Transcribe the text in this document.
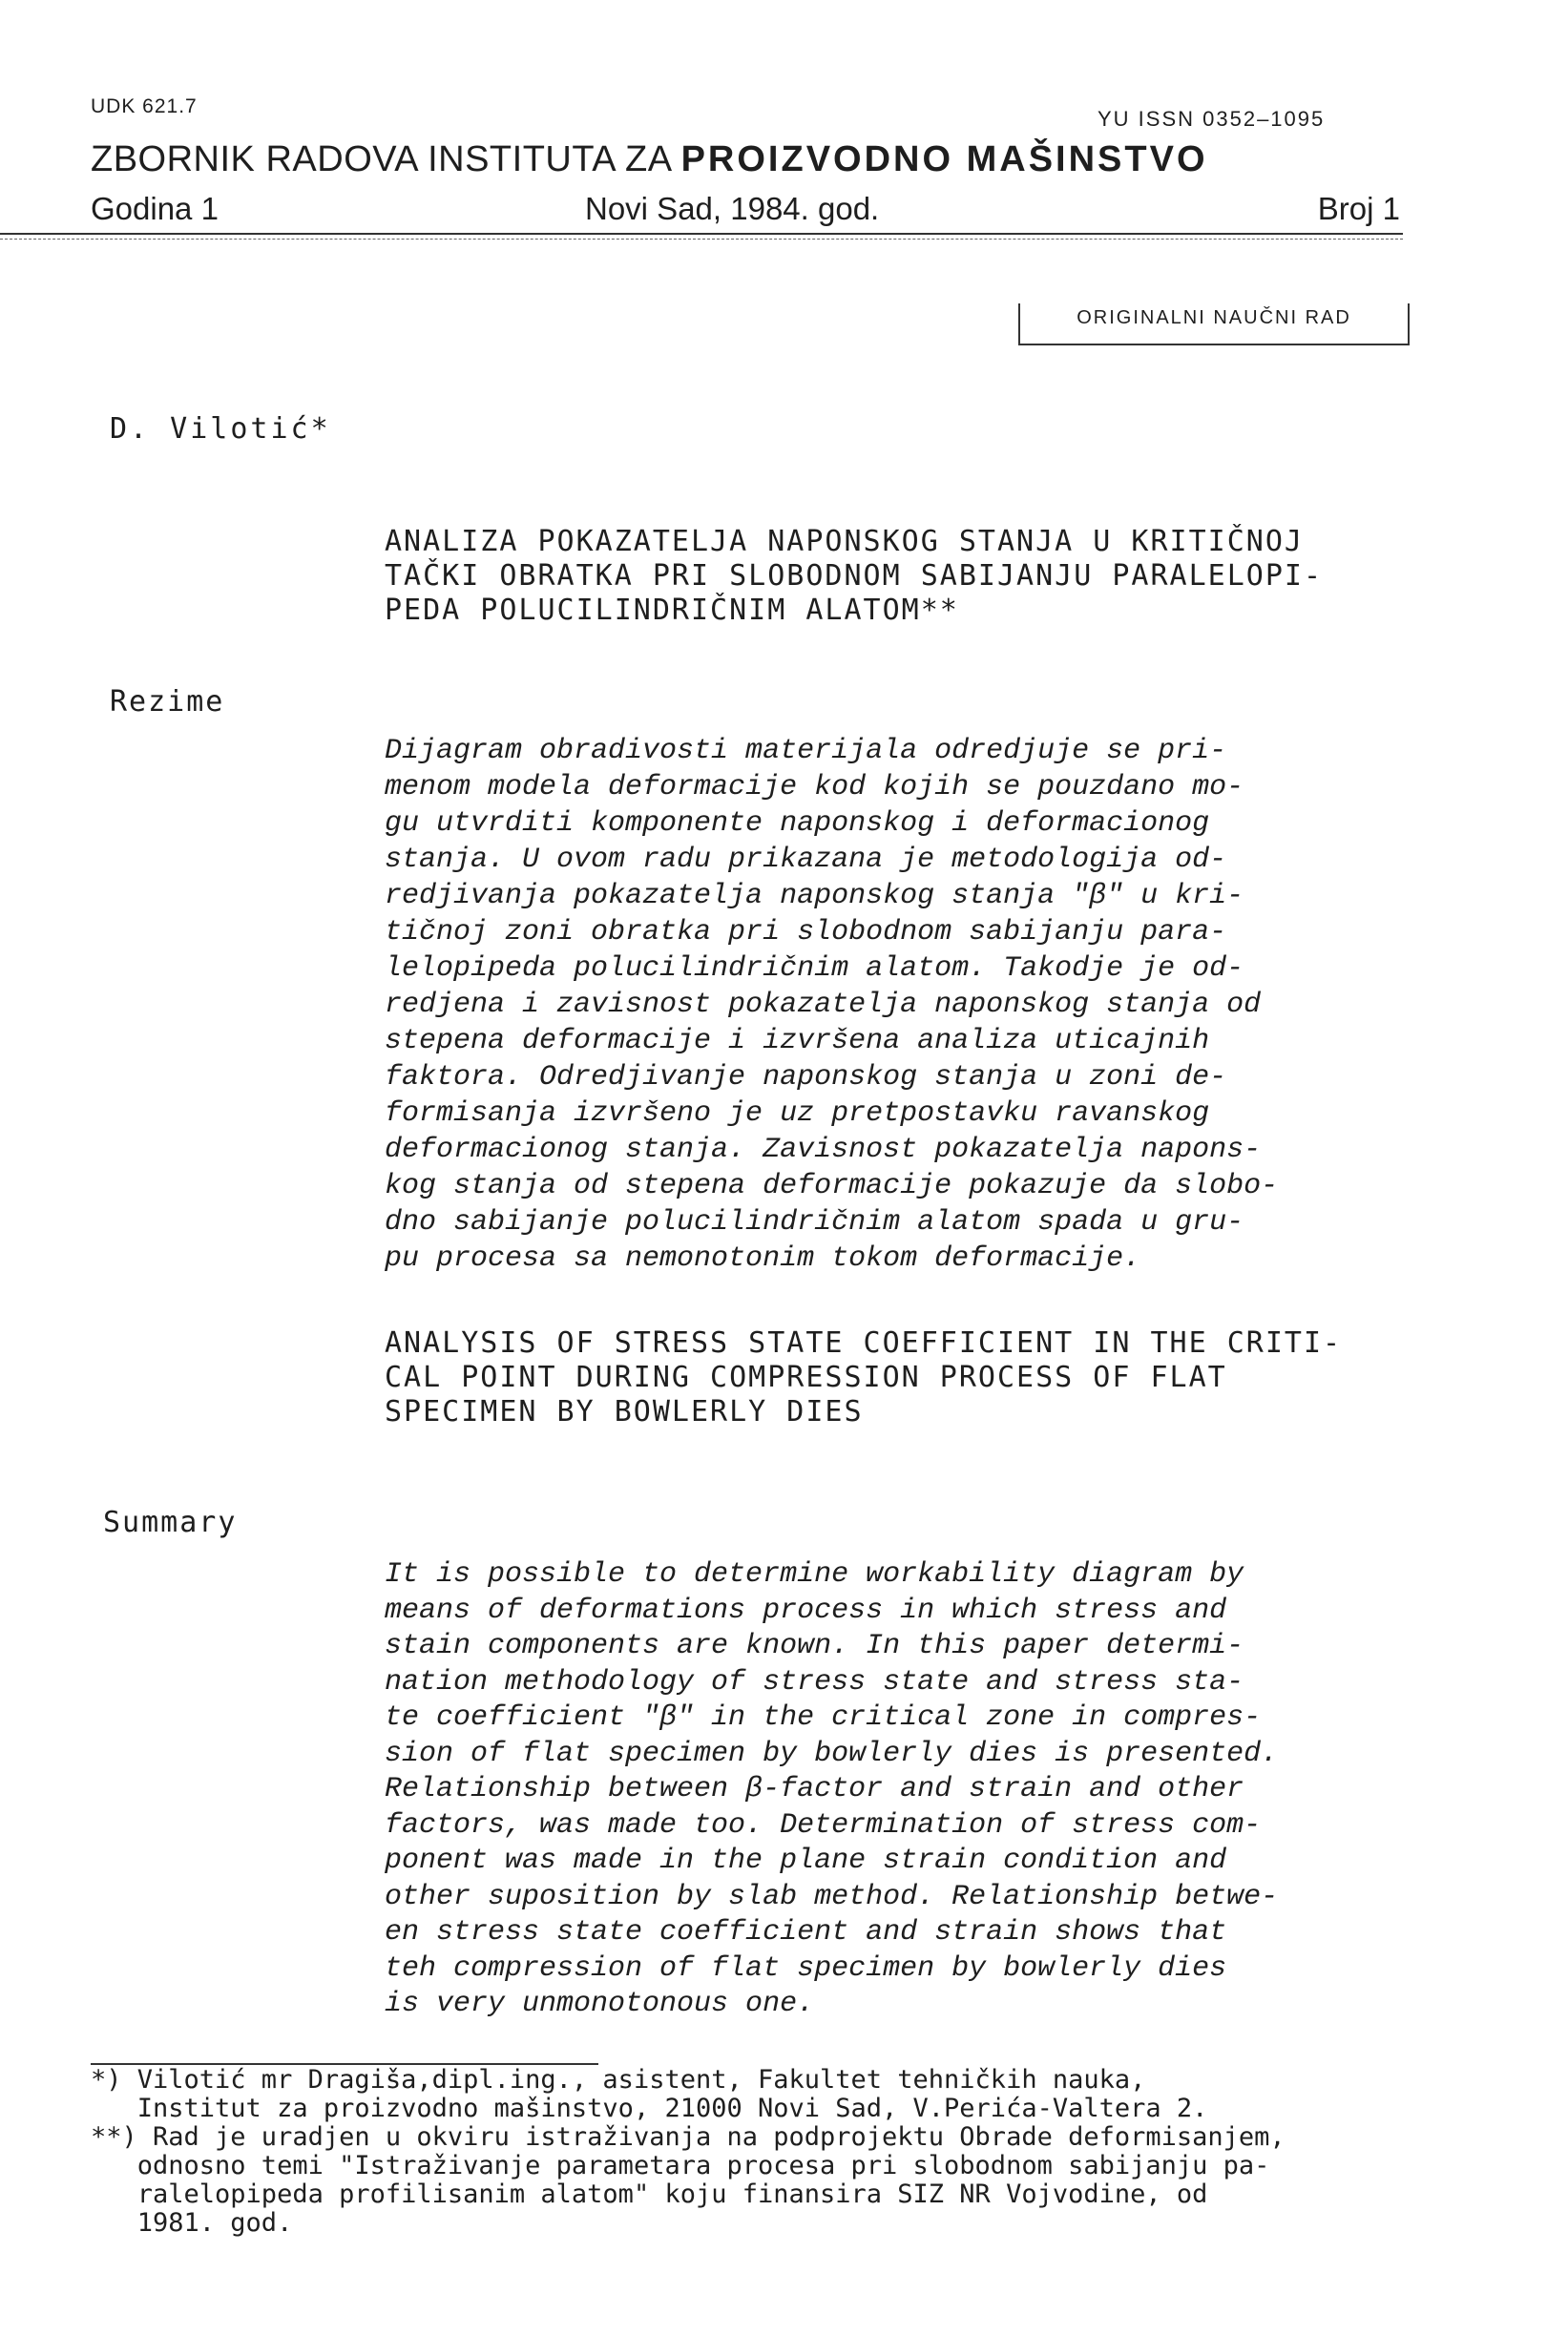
UDK 621.7
YU ISSN 0352–1095
ZBORNIK RADOVA INSTITUTA ZA PROIZVODNO MAŠINSTVO
Godina 1	Novi Sad, 1984. god.	Broj 1
ORIGINALNI NAUČNI RAD
D. Vilotić*
ANALIZA POKAZATELJA NAPONSKOG STANJA U KRITIČNOJ
TAČKI OBRATKA PRI SLOBODNOM SABIJANJU PARALELOPI-
PEDA POLUCILINDRIČNIM ALATOM**
Rezime
Dijagram obradivosti materijala odredjuje se pri-
menom modela deformacije kod kojih se pouzdano mo-
gu utvrditi komponente naponskog i deformacionog
stanja. U ovom radu prikazana je metodologija od-
redjivanja pokazatelja naponskog stanja "β" u kri-
tičnoj zoni obratka pri slobodnom sabijanju para-
lelopipeda polucilindričnim alatom. Takodje je od-
redjena i zavisnost pokazatelja naponskog stanja od
stepena deformacije i izvršena analiza uticajnih
faktora. Odredjivanje naponskog stanja u zoni de-
formisanja izvršeno je uz pretpostavku ravanskog
deformacionog stanja. Zavisnost pokazatelja napons-
kog stanja od stepena deformacije pokazuje da slobo-
dno sabijanje polucilindričnim alatom spada u gru-
pu procesa sa nemonotonim tokom deformacije.
ANALYSIS OF STRESS STATE COEFFICIENT IN THE CRITI-
CAL POINT DURING COMPRESSION PROCESS OF FLAT
SPECIMEN BY BOWLERLY DIES
Summary
It is possible to determine workability diagram by
means of deformations process in which stress and
stain components are known. In this paper determi-
nation methodology of stress state and stress sta-
te coefficient "β" in the critical zone in compres-
sion of flat specimen by bowlerly dies is presented.
Relationship between β-factor and strain and other
factors, was made too. Determination of stress com-
ponent was made in the plane strain condition and
other suposition by slab method. Relationship betwe-
en stress state coefficient and strain shows that
teh compression of flat specimen by bowlerly dies
is very unmonotonous one.
*) Vilotić mr Dragiša,dipl.ing., asistent, Fakultet tehničkih nauka,
Institut za proizvodno mašinstvo, 21000 Novi Sad, V.Perića-Valtera 2.
**) Rad je uradjen u okviru istraživanja na podprojektu Obrade deformisanjem,
odnosno temi "Istraživanje parametara procesa pri slobodnom sabijanju pa-
ralelopipeda profilisanim alatom" koju finansira SIZ NR Vojvodine, od
1981. god.
